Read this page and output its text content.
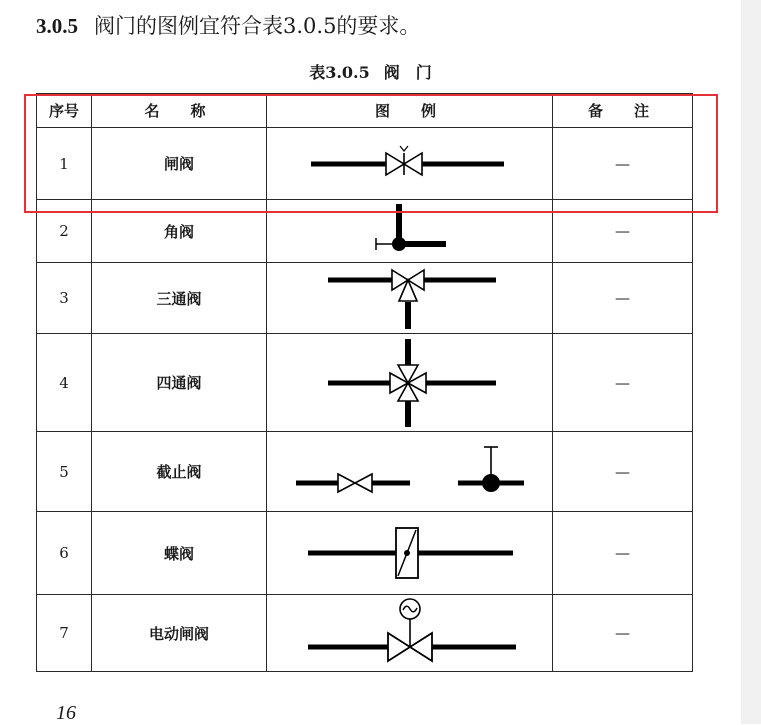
3.0.5 阀门的图例宜符合表3.0.5的要求。
表3.0.5 阀　门
序号	名　称	图　例	备　注
1	闸阀		—
2	角阀		—
3	三通阀		—
4	四通阀		—
5	截止阀		—
6	蝶阀		—
7	电动闸阀		—
16
